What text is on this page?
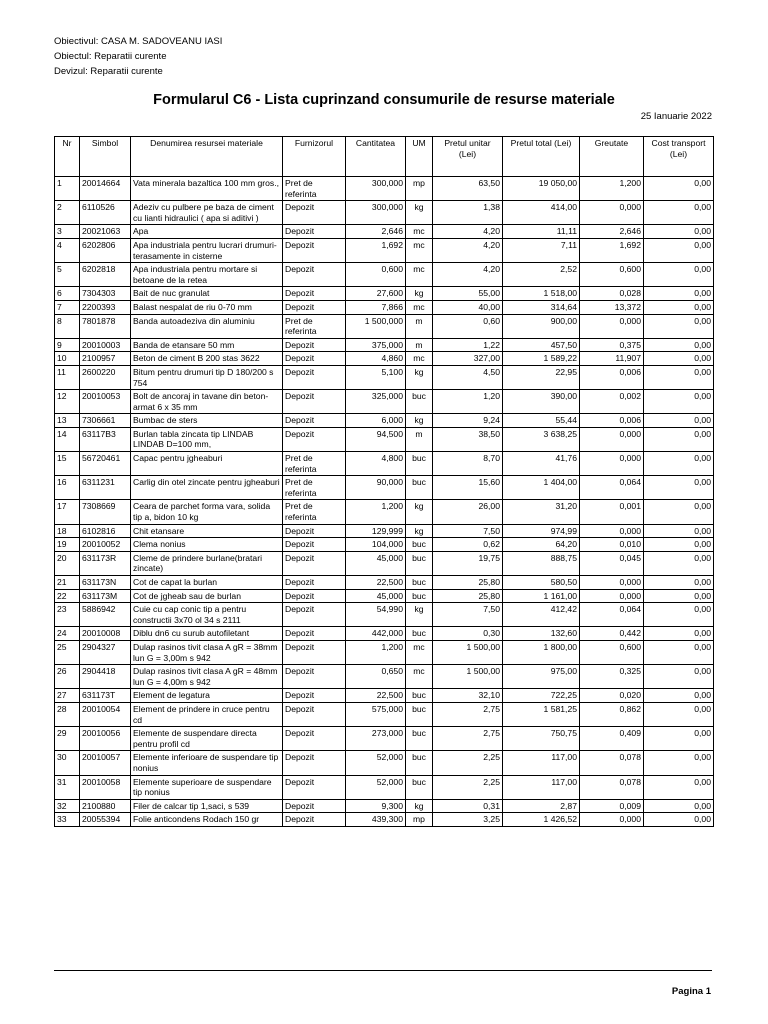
Obiectivul: CASA M. SADOVEANU IASI
Obiectul: Reparatii curente
Devizul: Reparatii curente
Formularul C6 - Lista cuprinzand consumurile de resurse materiale
25 Ianuarie 2022
Nr	Simbol	Denumirea resursei materiale	Furnizorul	Cantitatea	UM	Pretul unitar (Lei)	Pretul total (Lei)	Greutate	Cost transport (Lei)
1	20014664	Vata minerala bazaltica 100 mm gros.,	Pret de referinta	300,000	mp	63,50	19 050,00	1,200	0,00
2	6110526	Adeziv cu pulbere pe baza de ciment cu lianti hidraulici ( apa si aditivi )	Depozit	300,000	kg	1,38	414,00	0,000	0,00
3	20021063	Apa	Depozit	2,646	mc	4,20	11,11	2,646	0,00
4	6202806	Apa industriala pentru lucrari drumuri-terasamente in cisterne	Depozit	1,692	mc	4,20	7,11	1,692	0,00
5	6202818	Apa industriala pentru mortare si betoane de la retea	Depozit	0,600	mc	4,20	2,52	0,600	0,00
6	7304303	Bait de nuc granulat	Depozit	27,600	kg	55,00	1 518,00	0,028	0,00
7	2200393	Balast nespalat de riu 0-70 mm	Depozit	7,866	mc	40,00	314,64	13,372	0,00
8	7801878	Banda autoadeziva din aluminiu	Pret de referinta	1 500,000	m	0,60	900,00	0,000	0,00
9	20010003	Banda de etansare 50 mm	Depozit	375,000	m	1,22	457,50	0,375	0,00
10	2100957	Beton de ciment B 200 stas 3622	Depozit	4,860	mc	327,00	1 589,22	11,907	0,00
11	2600220	Bitum pentru drumuri tip D 180/200 s 754	Depozit	5,100	kg	4,50	22,95	0,006	0,00
12	20010053	Bolt de ancoraj in tavane din beton-armat 6 x 35 mm	Depozit	325,000	buc	1,20	390,00	0,002	0,00
13	7306661	Bumbac de sters	Depozit	6,000	kg	9,24	55,44	0,006	0,00
14	63117B3	Burlan tabla zincata tip LINDAB LINDAB D=100 mm,	Depozit	94,500	m	38,50	3 638,25	0,000	0,00
15	56720461	Capac pentru jgheaburi	Pret de referinta	4,800	buc	8,70	41,76	0,000	0,00
16	6311231	Carlig din otel zincate pentru jgheaburi	Pret de referinta	90,000	buc	15,60	1 404,00	0,064	0,00
17	7308669	Ceara de parchet forma vara, solida tip a, bidon 10 kg	Pret de referinta	1,200	kg	26,00	31,20	0,001	0,00
18	6102816	Chit etansare	Depozit	129,999	kg	7,50	974,99	0,000	0,00
19	20010052	Clema nonius	Depozit	104,000	buc	0,62	64,20	0,010	0,00
20	631173R	Cleme de prindere burlane(bratari zincate)	Depozit	45,000	buc	19,75	888,75	0,045	0,00
21	631173N	Cot de capat la burlan	Depozit	22,500	buc	25,80	580,50	0,000	0,00
22	631173M	Cot de jgheab sau de burlan	Depozit	45,000	buc	25,80	1 161,00	0,000	0,00
23	5886942	Cuie cu cap conic tip a pentru constructii 3x70 ol 34 s 2111	Depozit	54,990	kg	7,50	412,42	0,064	0,00
24	20010008	Diblu dn6 cu surub autofiletant	Depozit	442,000	buc	0,30	132,60	0,442	0,00
25	2904327	Dulap rasinos tivit clasa A gR = 38mm lun G = 3,00m s 942	Depozit	1,200	mc	1 500,00	1 800,00	0,600	0,00
26	2904418	Dulap rasinos tivit clasa A gR = 48mm lun G = 4,00m s 942	Depozit	0,650	mc	1 500,00	975,00	0,325	0,00
27	631173T	Element de legatura	Depozit	22,500	buc	32,10	722,25	0,020	0,00
28	20010054	Element de prindere in cruce pentru cd	Depozit	575,000	buc	2,75	1 581,25	0,862	0,00
29	20010056	Elemente de suspendare directa pentru profil cd	Depozit	273,000	buc	2,75	750,75	0,409	0,00
30	20010057	Elemente inferioare de suspendare tip nonius	Depozit	52,000	buc	2,25	117,00	0,078	0,00
31	20010058	Elemente superioare de suspendare tip nonius	Depozit	52,000	buc	2,25	117,00	0,078	0,00
32	2100880	Filer de calcar tip 1,saci, s 539	Depozit	9,300	kg	0,31	2,87	0,009	0,00
33	20055394	Folie anticondens Rodach 150 gr	Depozit	439,300	mp	3,25	1 426,52	0,000	0,00
Pagina 1
